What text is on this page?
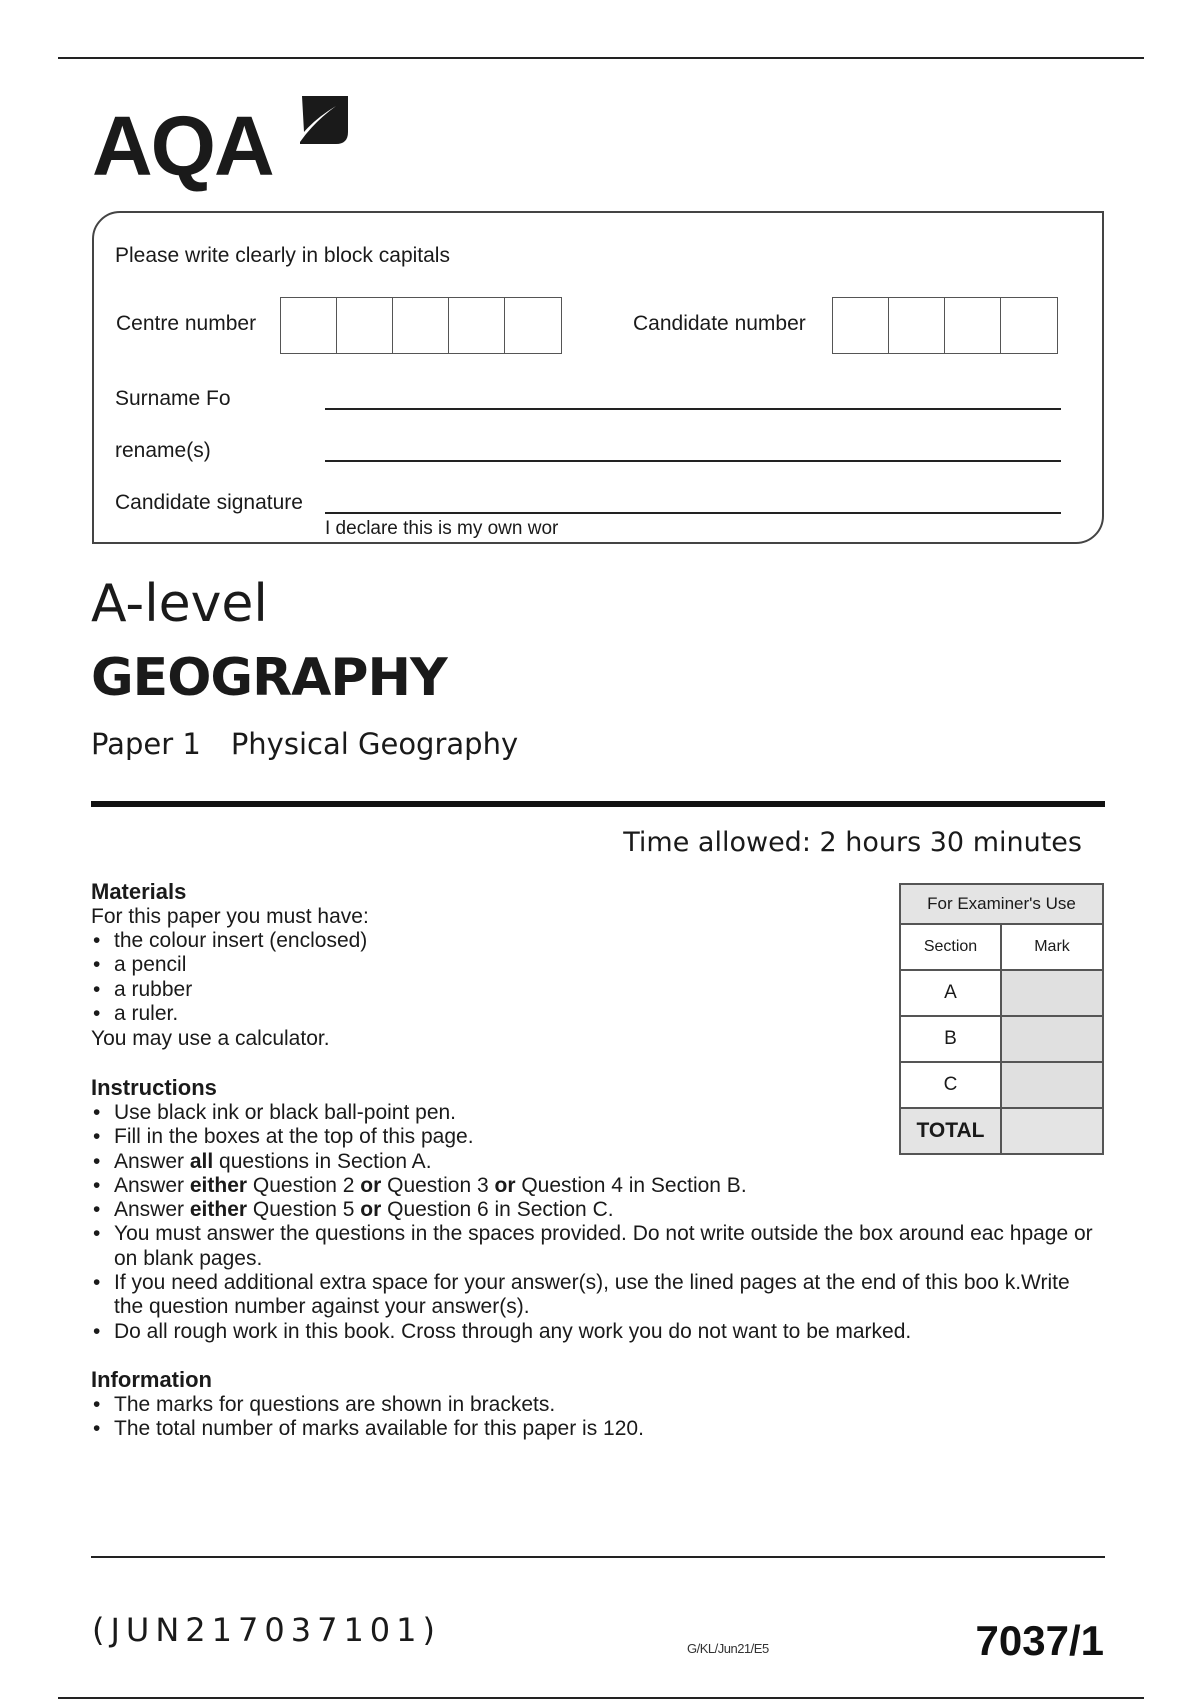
AQA
Please write clearly in block capitals
Centre number	Candidate number
Surname Fo
rename(s)
Candidate signature
I declare this is my own wor
A-level
GEOGRAPHY
Paper 1 Physical Geography
Time allowed: 2 hours 30 minutes
Materials
For this paper you must have:
• the colour insert (enclosed)
• a pencil
• a rubber
• a ruler.
You may use a calculator.
Instructions
• Use black ink or black ball-point pen.
• Fill in the boxes at the top of this page.
• Answer all questions in Section A.
• Answer either Question 2 or Question 3 or Question 4 in Section B.
• Answer either Question 5 or Question 6 in Section C.
• You must answer the questions in the spaces provided. Do not write outside the box around eac hpage or on blank pages.
• If you need additional extra space for your answer(s), use the lined pages at the end of this boo k.Write the question number against your answer(s).
• Do all rough work in this book. Cross through any work you do not want to be marked.
Information
• The marks for questions are shown in brackets.
• The total number of marks available for this paper is 120.
For Examiner's Use	
Section	Mark
A	
B	
C	
TOTAL	
(JUN217037101)	G/KL/Jun21/E5	7037/1
